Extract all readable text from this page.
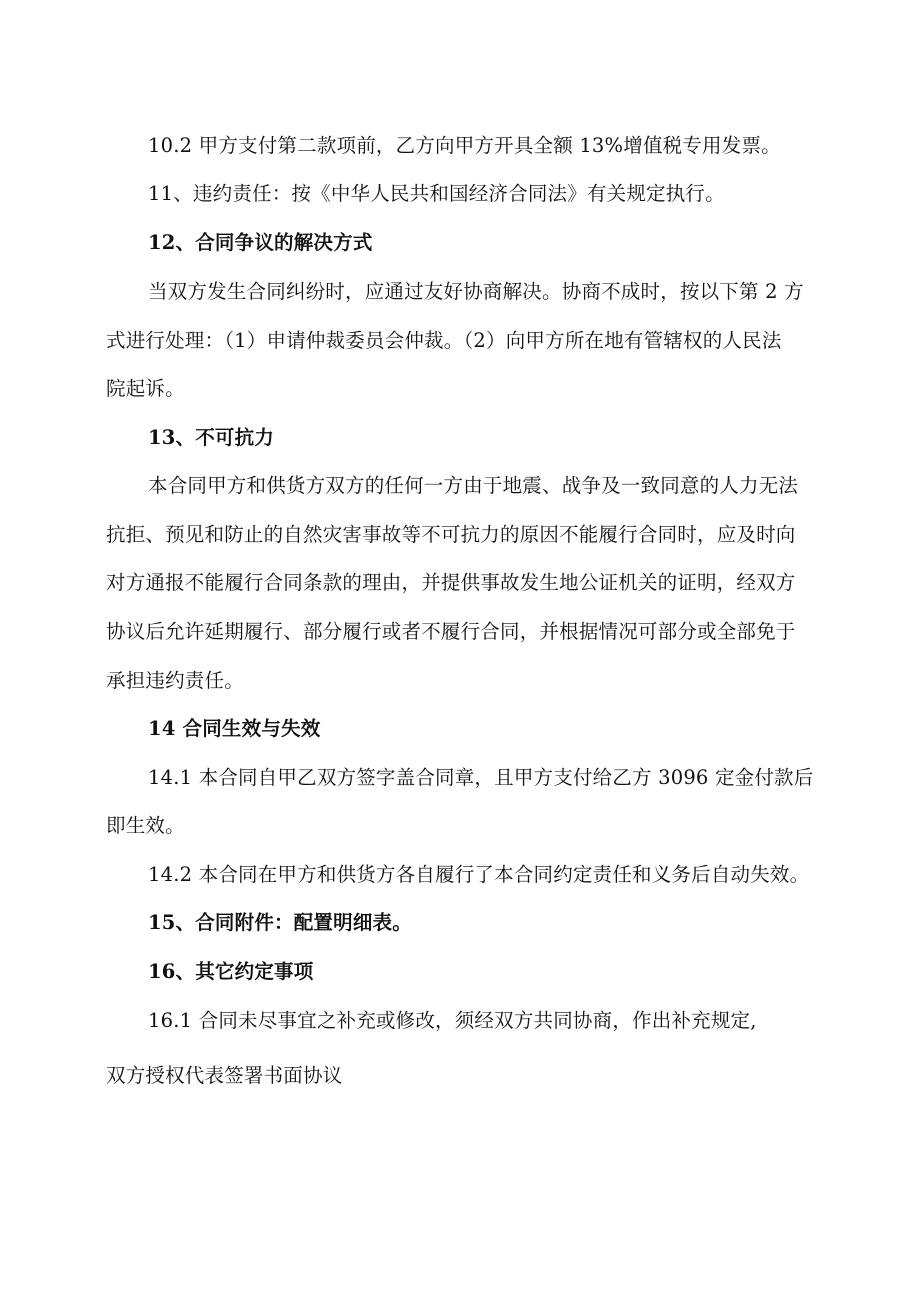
10.2 甲方支付第二款项前，乙方向甲方开具全额 13%增值税专用发票。
11、违约责任：按《中华人民共和国经济合同法》有关规定执行。
12、合同争议的解决方式
当双方发生合同纠纷时，应通过友好协商解决。协商不成时，按以下第 2 方
式进行处理：（1）申请仲裁委员会仲裁。（2）向甲方所在地有管辖权的人民法
院起诉。
13、不可抗力
本合同甲方和供货方双方的任何一方由于地震、战争及一致同意的人力无法
抗拒、预见和防止的自然灾害事故等不可抗力的原因不能履行合同时，应及时向
对方通报不能履行合同条款的理由，并提供事故发生地公证机关的证明，经双方
协议后允许延期履行、部分履行或者不履行合同，并根据情况可部分或全部免于
承担违约责任。
14 合同生效与失效
14.1 本合同自甲乙双方签字盖合同章，且甲方支付给乙方 3096 定金付款后
即生效。
14.2 本合同在甲方和供货方各自履行了本合同约定责任和义务后自动失效。
15、合同附件：配置明细表。
16、其它约定事项
16.1 合同未尽事宜之补充或修改，须经双方共同协商，作出补充规定,
双方授权代表签署书面协议
